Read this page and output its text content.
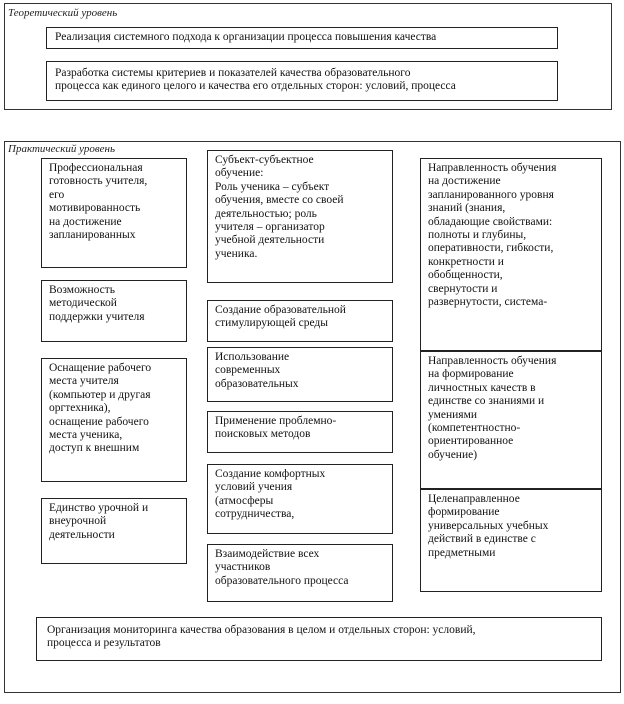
Теоретический уровень
Реализация системного подхода к организации процесса повышения качества
Разработка системы критериев и показателей качества образовательного
процесса как единого целого и качества его отдельных сторон: условий, процесса
Практический уровень
Профессиональная
готовность учителя,
его
мотивированность
на достижение
запланированных
Возможность
методической
поддержки учителя
Оснащение рабочего
места учителя
(компьютер и другая
оргтехника),
оснащение рабочего
места ученика,
доступ к внешним
Единство урочной и
внеурочной
деятельности
Субъект-субъектное
обучение:
Роль ученика – субъект
обучения, вместе со своей
деятельностью; роль
учителя – организатор
учебной деятельности
ученика.
Создание образовательной
стимулирующей среды
Использование
современных
образовательных
Применение проблемно-
поисковых методов
Создание комфортных
условий учения
(атмосферы
сотрудничества,
Взаимодействие всех
участников
образовательного процесса
Направленность обучения
на достижение
запланированного уровня
знаний (знания,
обладающие свойствами:
полноты и глубины,
оперативности, гибкости,
конкретности и
обобщенности,
свернутости и
развернутости, системa-
Направленность обучения
на формирование
личностных качеств в
единстве со знаниями и
умениями
(компетентностно-
ориентированное
обучение)
Целенаправленное
формирование
универсальных учебных
действий в единстве с
предметными
Организация мониторинга качества образования в целом и отдельных сторон: условий,
процесса и результатов
